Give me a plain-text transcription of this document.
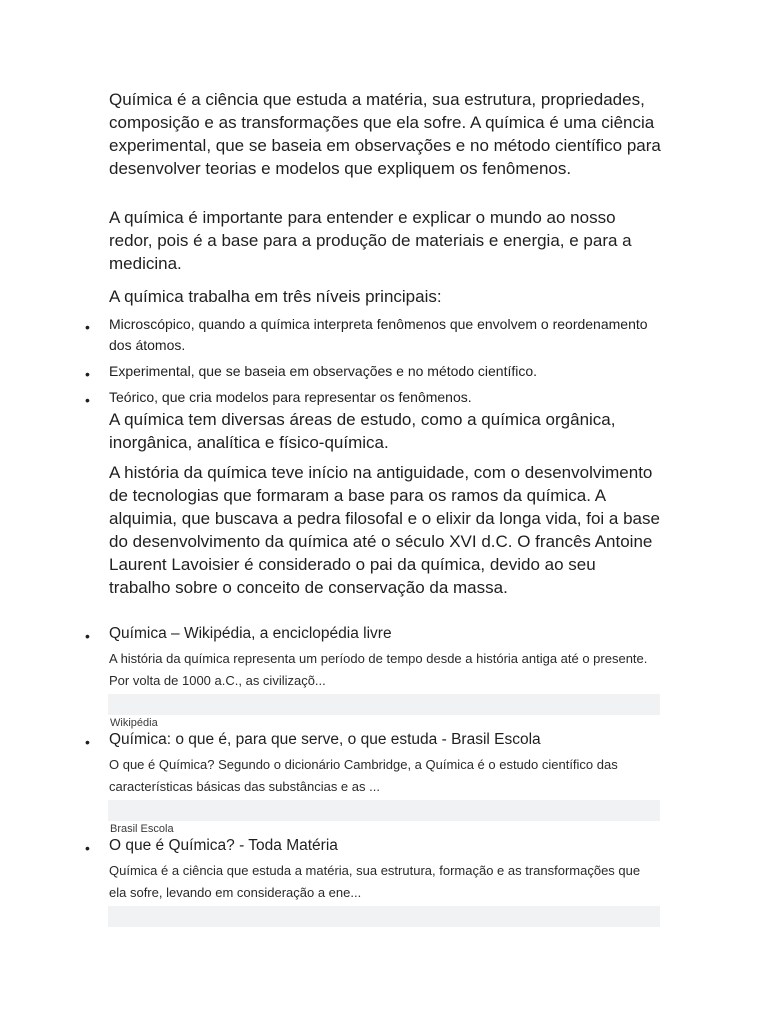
Química é a ciência que estuda a matéria, sua estrutura, propriedades, composição e as transformações que ela sofre. A química é uma ciência experimental, que se baseia em observações e no método científico para desenvolver teorias e modelos que expliquem os fenômenos.

A química é importante para entender e explicar o mundo ao nosso redor, pois é a base para a produção de materiais e energia, e para a medicina.

A química trabalha em três níveis principais:

• Microscópico, quando a química interpreta fenômenos que envolvem o reordenamento dos átomos.
• Experimental, que se baseia em observações e no método científico.
• Teórico, que cria modelos para representar os fenômenos.

A química tem diversas áreas de estudo, como a química orgânica, inorgânica, analítica e físico-química.

A história da química teve início na antiguidade, com o desenvolvimento de tecnologias que formaram a base para os ramos da química. A alquimia, que buscava a pedra filosofal e o elixir da longa vida, foi a base do desenvolvimento da química até o século XVI d.C. O francês Antoine Laurent Lavoisier é considerado o pai da química, devido ao seu trabalho sobre o conceito de conservação da massa.

• Química – Wikipédia, a enciclopédia livre

A história da química representa um período de tempo desde a história antiga até o presente. Por volta de 1000 a.C., as civilizaçõ...

Wikipédia
• Química: o que é, para que serve, o que estuda - Brasil Escola

O que é Química? Segundo o dicionário Cambridge, a Química é o estudo científico das características básicas das substâncias e as ...

Brasil Escola
• O que é Química? - Toda Matéria

Química é a ciência que estuda a matéria, sua estrutura, formação e as transformações que ela sofre, levando em consideração a ene...
